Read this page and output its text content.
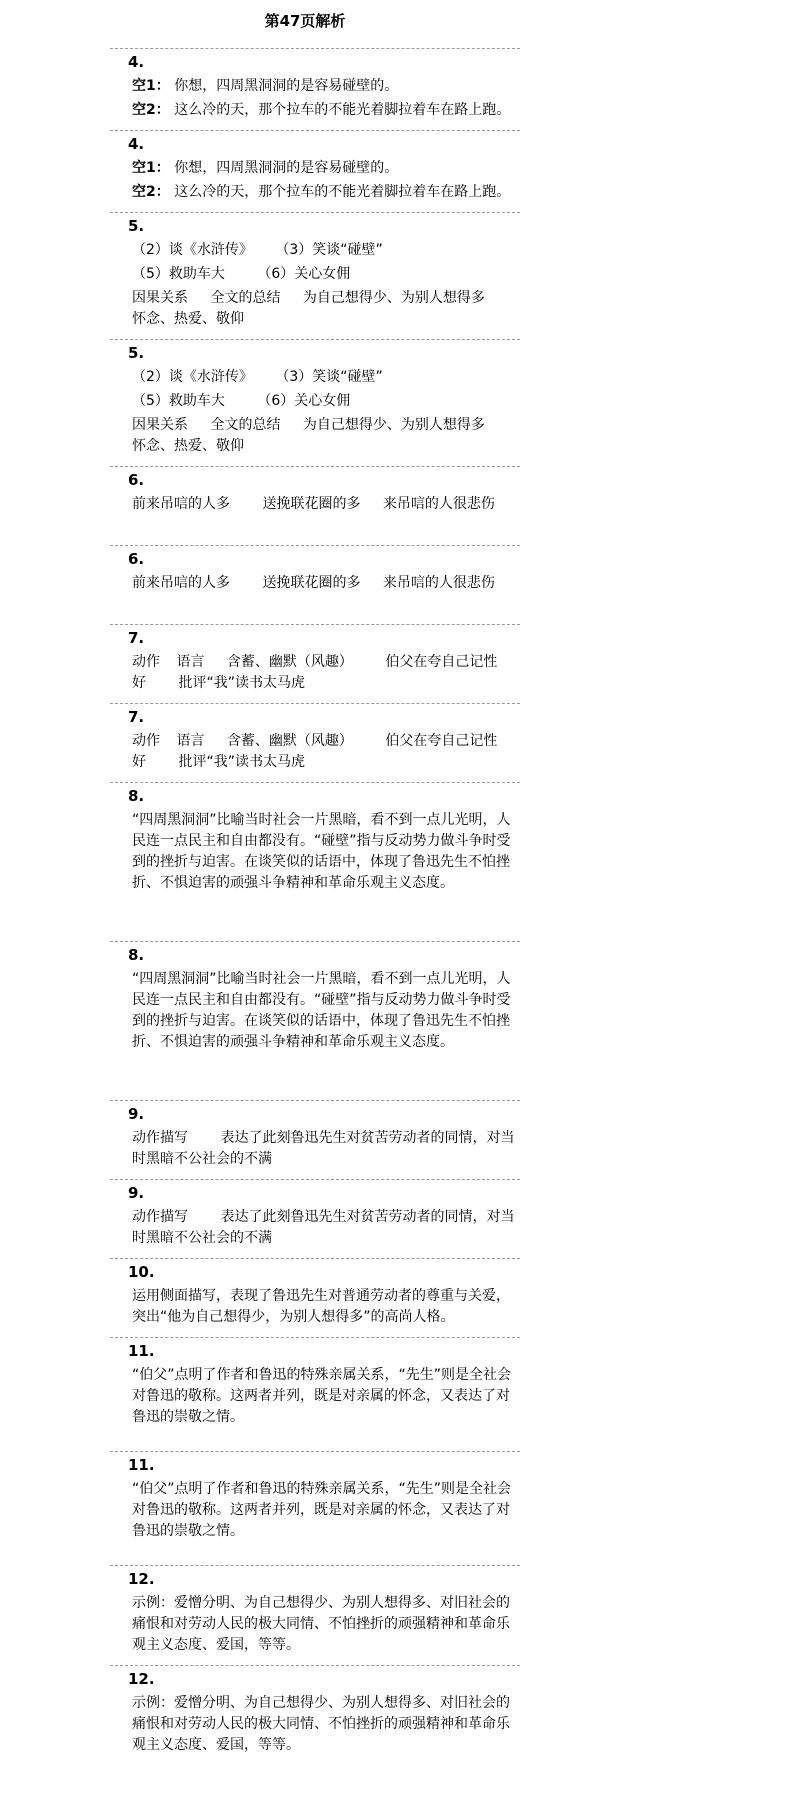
第47页解析
4.
空1： 你想，四周黑洞洞的是容易碰壁的。
空2： 这么冷的天，那个拉车的不能光着脚拉着车在路上跑。
4.
空1： 你想，四周黑洞洞的是容易碰壁的。
空2： 这么冷的天，那个拉车的不能光着脚拉着车在路上跑。
5.
（2）谈《水浒传》 （3）笑谈“碰壁”
（5）救助车大 （6）关心女佣
因果关系 全文的总结 为自己想得少、为别人想得多 怀念、热爱、敬仰
5.
（2）谈《水浒传》 （3）笑谈“碰壁”
（5）救助车大 （6）关心女佣
因果关系 全文的总结 为自己想得少、为别人想得多 怀念、热爱、敬仰
6.
前来吊唁的人多 送挽联花圈的多 来吊唁的人很悲伤
6.
前来吊唁的人多 送挽联花圈的多 来吊唁的人很悲伤
7.
动作 语言 含蓄、幽默（风趣） 伯父在夸自己记性好 批评“我”读书太马虎
7.
动作 语言 含蓄、幽默（风趣） 伯父在夸自己记性好 批评“我”读书太马虎
8.
“四周黑洞洞”比喻当时社会一片黑暗，看不到一点儿光明，人民连一点民主和自由都没有。“碰壁”指与反动势力做斗争时受到的挫折与迫害。在谈笑似的话语中，体现了鲁迅先生不怕挫折、不惧迫害的顽强斗争精神和革命乐观主义态度。
8.
“四周黑洞洞”比喻当时社会一片黑暗，看不到一点儿光明，人民连一点民主和自由都没有。“碰壁”指与反动势力做斗争时受到的挫折与迫害。在谈笑似的话语中，体现了鲁迅先生不怕挫折、不惧迫害的顽强斗争精神和革命乐观主义态度。
9.
动作描写 表达了此刻鲁迅先生对贫苦劳动者的同情，对当时黑暗不公社会的不满
9.
动作描写 表达了此刻鲁迅先生对贫苦劳动者的同情，对当时黑暗不公社会的不满
10.
运用侧面描写，表现了鲁迅先生对普通劳动者的尊重与关爱，突出“他为自己想得少，为别人想得多”的高尚人格。
11.
“伯父”点明了作者和鲁迅的特殊亲属关系，“先生”则是全社会对鲁迅的敬称。这两者并列，既是对亲属的怀念，又表达了对鲁迅的崇敬之情。
11.
“伯父”点明了作者和鲁迅的特殊亲属关系，“先生”则是全社会对鲁迅的敬称。这两者并列，既是对亲属的怀念，又表达了对鲁迅的崇敬之情。
12.
示例：爱憎分明、为自己想得少、为别人想得多、对旧社会的痛恨和对劳动人民的极大同情、不怕挫折的顽强精神和革命乐观主义态度、爱国，等等。
12.
示例：爱憎分明、为自己想得少、为别人想得多、对旧社会的痛恨和对劳动人民的极大同情、不怕挫折的顽强精神和革命乐观主义态度、爱国，等等。
